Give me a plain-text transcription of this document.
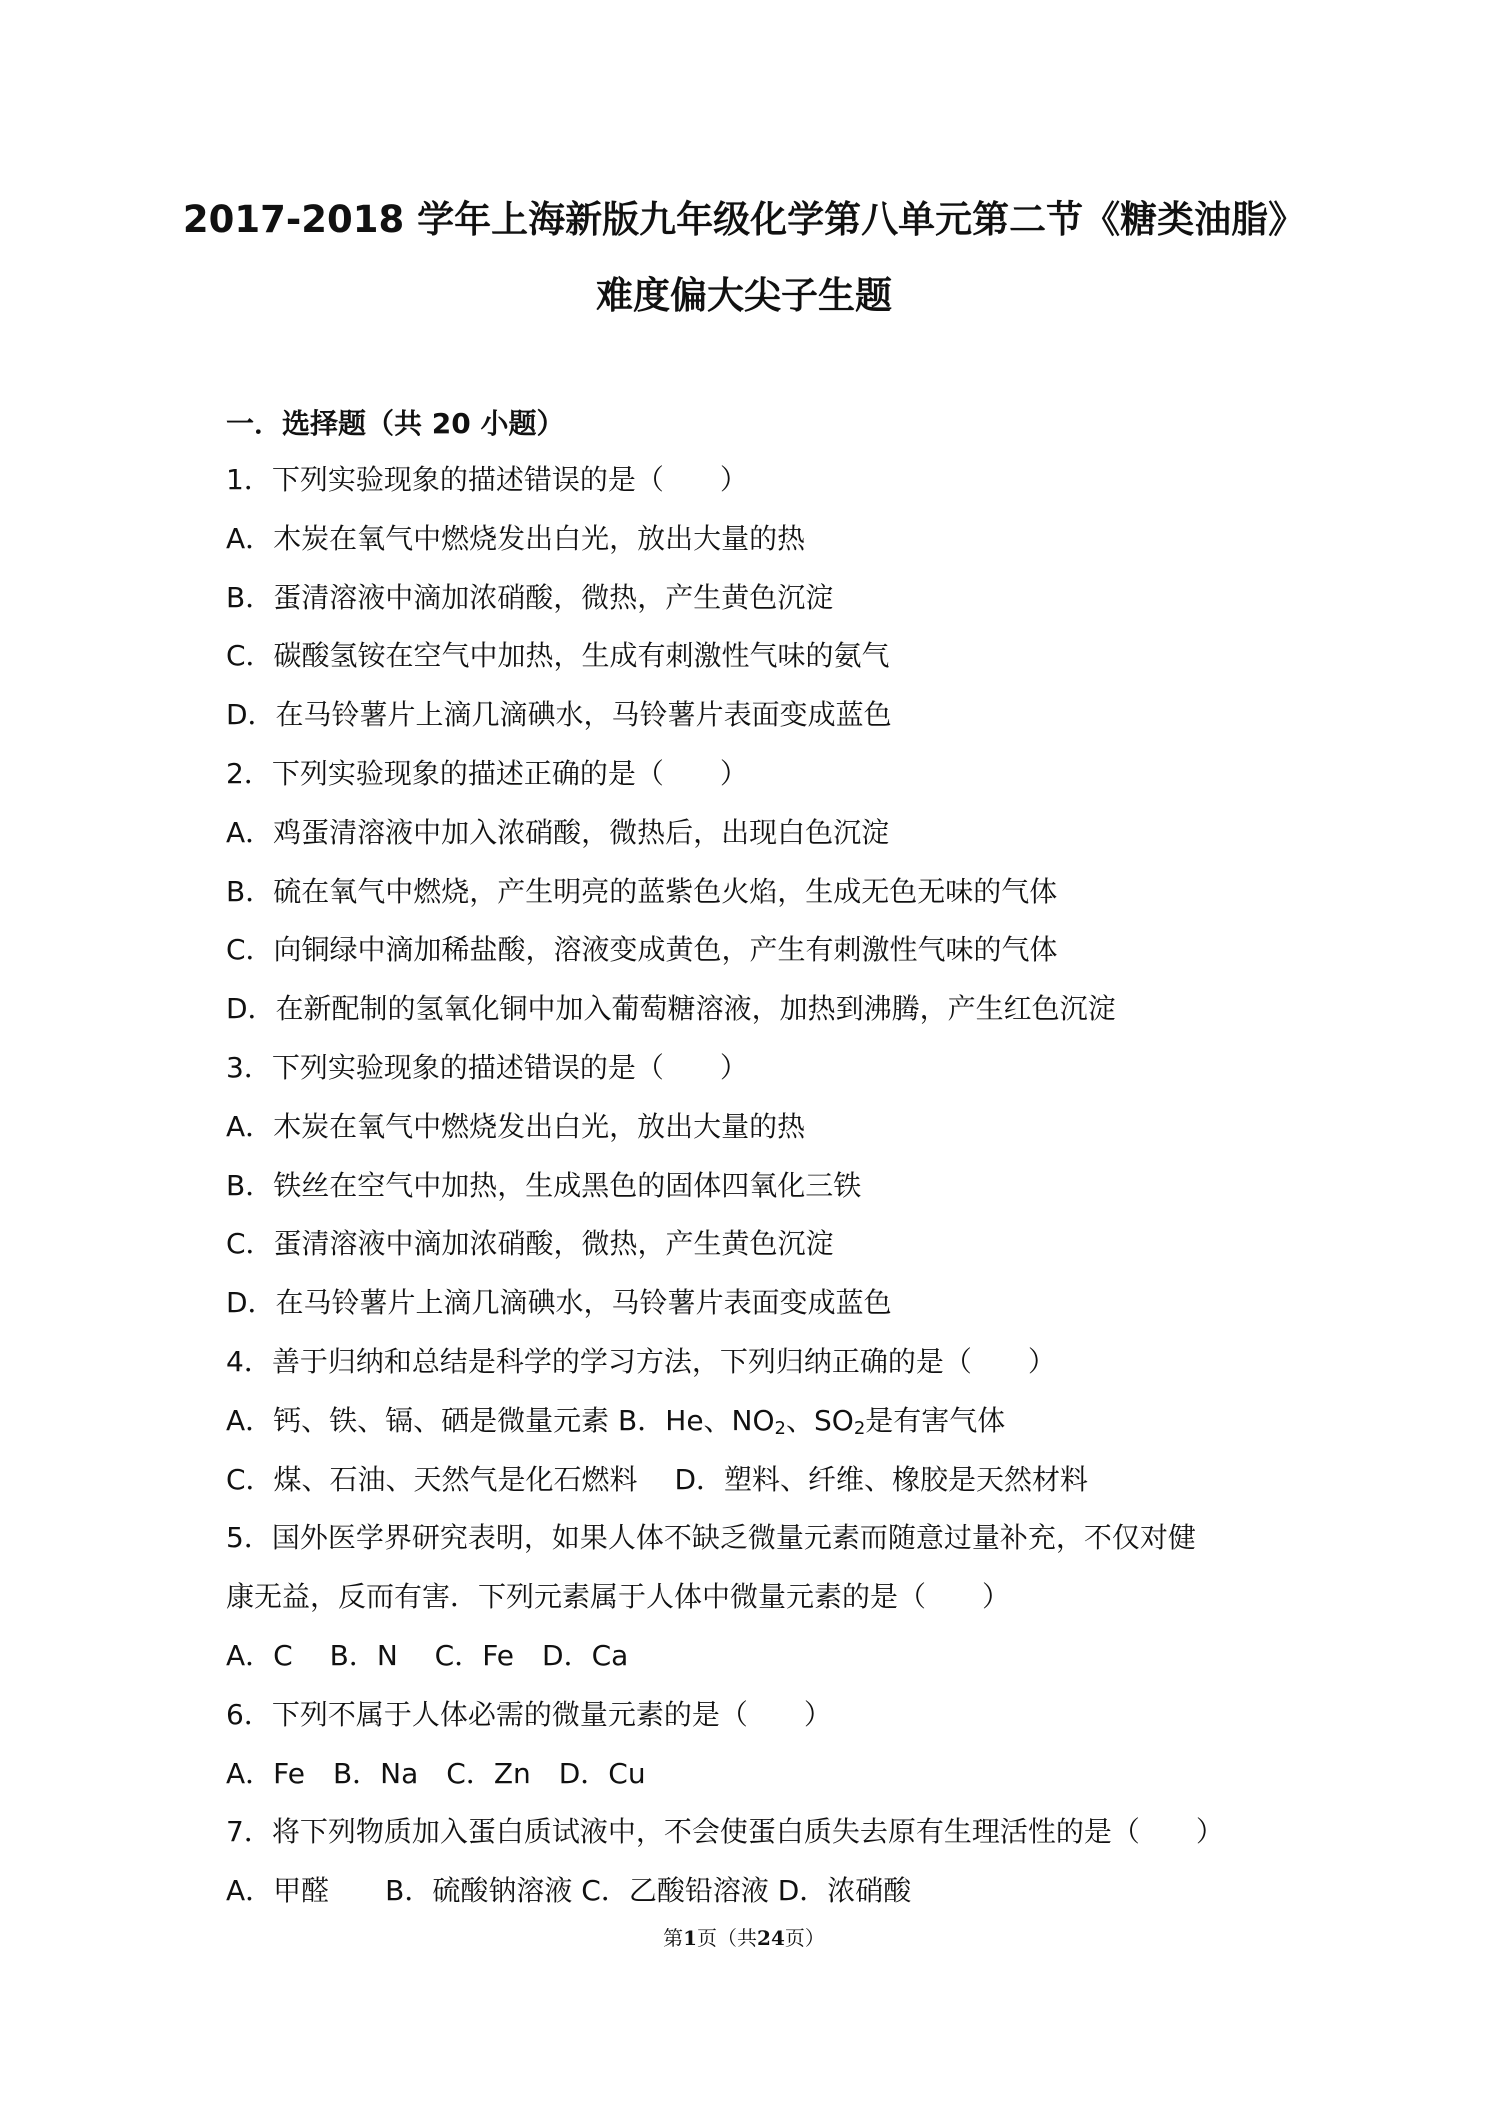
2017-2018 学年上海新版九年级化学第八单元第二节《糖类油脂》
难度偏大尖子生题
一．选择题（共 20 小题）
1．下列实验现象的描述错误的是（　　）
A．木炭在氧气中燃烧发出白光，放出大量的热
B．蛋清溶液中滴加浓硝酸，微热，产生黄色沉淀
C．碳酸氢铵在空气中加热，生成有刺激性气味的氨气
D．在马铃薯片上滴几滴碘水，马铃薯片表面变成蓝色
2．下列实验现象的描述正确的是（　　）
A．鸡蛋清溶液中加入浓硝酸，微热后，出现白色沉淀
B．硫在氧气中燃烧，产生明亮的蓝紫色火焰，生成无色无味的气体
C．向铜绿中滴加稀盐酸，溶液变成黄色，产生有刺激性气味的气体
D．在新配制的氢氧化铜中加入葡萄糖溶液，加热到沸腾，产生红色沉淀
3．下列实验现象的描述错误的是（　　）
A．木炭在氧气中燃烧发出白光，放出大量的热
B．铁丝在空气中加热，生成黑色的固体四氧化三铁
C．蛋清溶液中滴加浓硝酸，微热，产生黄色沉淀
D．在马铃薯片上滴几滴碘水，马铃薯片表面变成蓝色
4．善于归纳和总结是科学的学习方法，下列归纳正确的是（　　）
A．钙、铁、镉、硒是微量元素 B．He、$NO_2$、$SO_2$是有害气体
C．煤、石油、天然气是化石燃料　 D．塑料、纤维、橡胶是天然材料
5．国外医学界研究表明，如果人体不缺乏微量元素而随意过量补充，不仅对健
康无益，反而有害．下列元素属于人体中微量元素的是（　　）
A．C　 B．N　 C．Fe　D．Ca
6．下列不属于人体必需的微量元素的是（　　）
A．Fe　B．Na　C．Zn　D．Cu
7．将下列物质加入蛋白质试液中，不会使蛋白质失去原有生理活性的是（　　）
A．甲醛　　B．硫酸钠溶液 C．乙酸铅溶液 D．浓硝酸
第1页（共24页）
